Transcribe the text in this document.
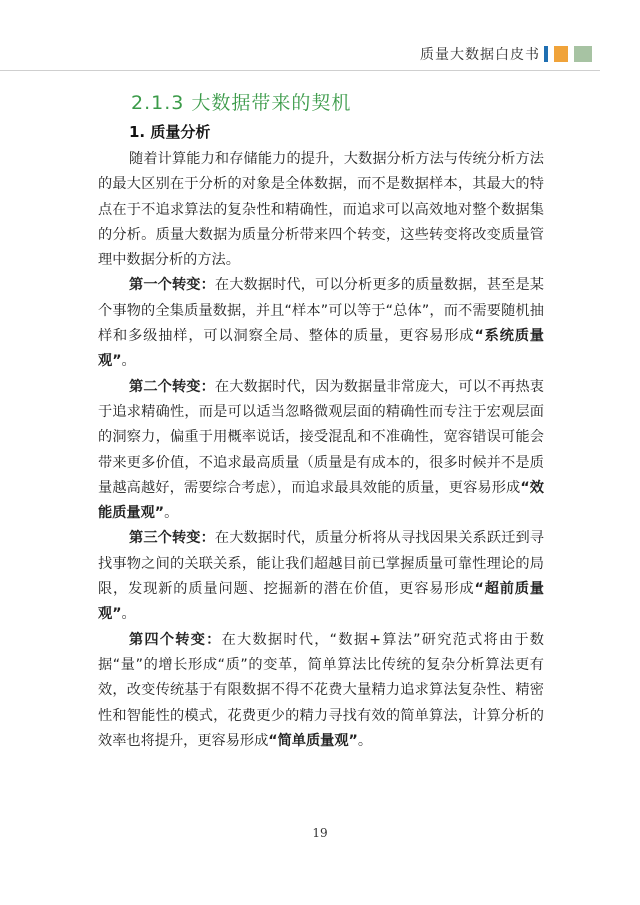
质量大数据白皮书
2.1.3 大数据带来的契机
1. 质量分析

随着计算能力和存储能力的提升，大数据分析方法与传统分析方法的最大区别在于分析的对象是全体数据，而不是数据样本，其最大的特点在于不追求算法的复杂性和精确性，而追求可以高效地对整个数据集的分析。质量大数据为质量分析带来四个转变，这些转变将改变质量管理中数据分析的方法。

第一个转变：在大数据时代，可以分析更多的质量数据，甚至是某个事物的全集质量数据，并且“样本”可以等于“总体”，而不需要随机抽样和多级抽样，可以洞察全局、整体的质量，更容易形成“系统质量观”。

第二个转变：在大数据时代，因为数据量非常庞大，可以不再热衷于追求精确性，而是可以适当忽略微观层面的精确性而专注于宏观层面的洞察力，偏重于用概率说话，接受混乱和不准确性，宽容错误可能会带来更多价值，不追求最高质量（质量是有成本的，很多时候并不是质量越高越好，需要综合考虑），而追求最具效能的质量，更容易形成“效能质量观”。

第三个转变：在大数据时代，质量分析将从寻找因果关系跃迁到寻找事物之间的关联关系，能让我们超越目前已掌握质量可靠性理论的局限，发现新的质量问题、挖掘新的潜在价值，更容易形成“超前质量观”。

第四个转变：在大数据时代，“数据+算法”研究范式将由于数据“量”的增长形成“质”的变革，简单算法比传统的复杂分析算法更有效，改变传统基于有限数据不得不花费大量精力追求算法复杂性、精密性和智能性的模式，花费更少的精力寻找有效的简单算法，计算分析的效率也将提升，更容易形成“简单质量观”。

19
